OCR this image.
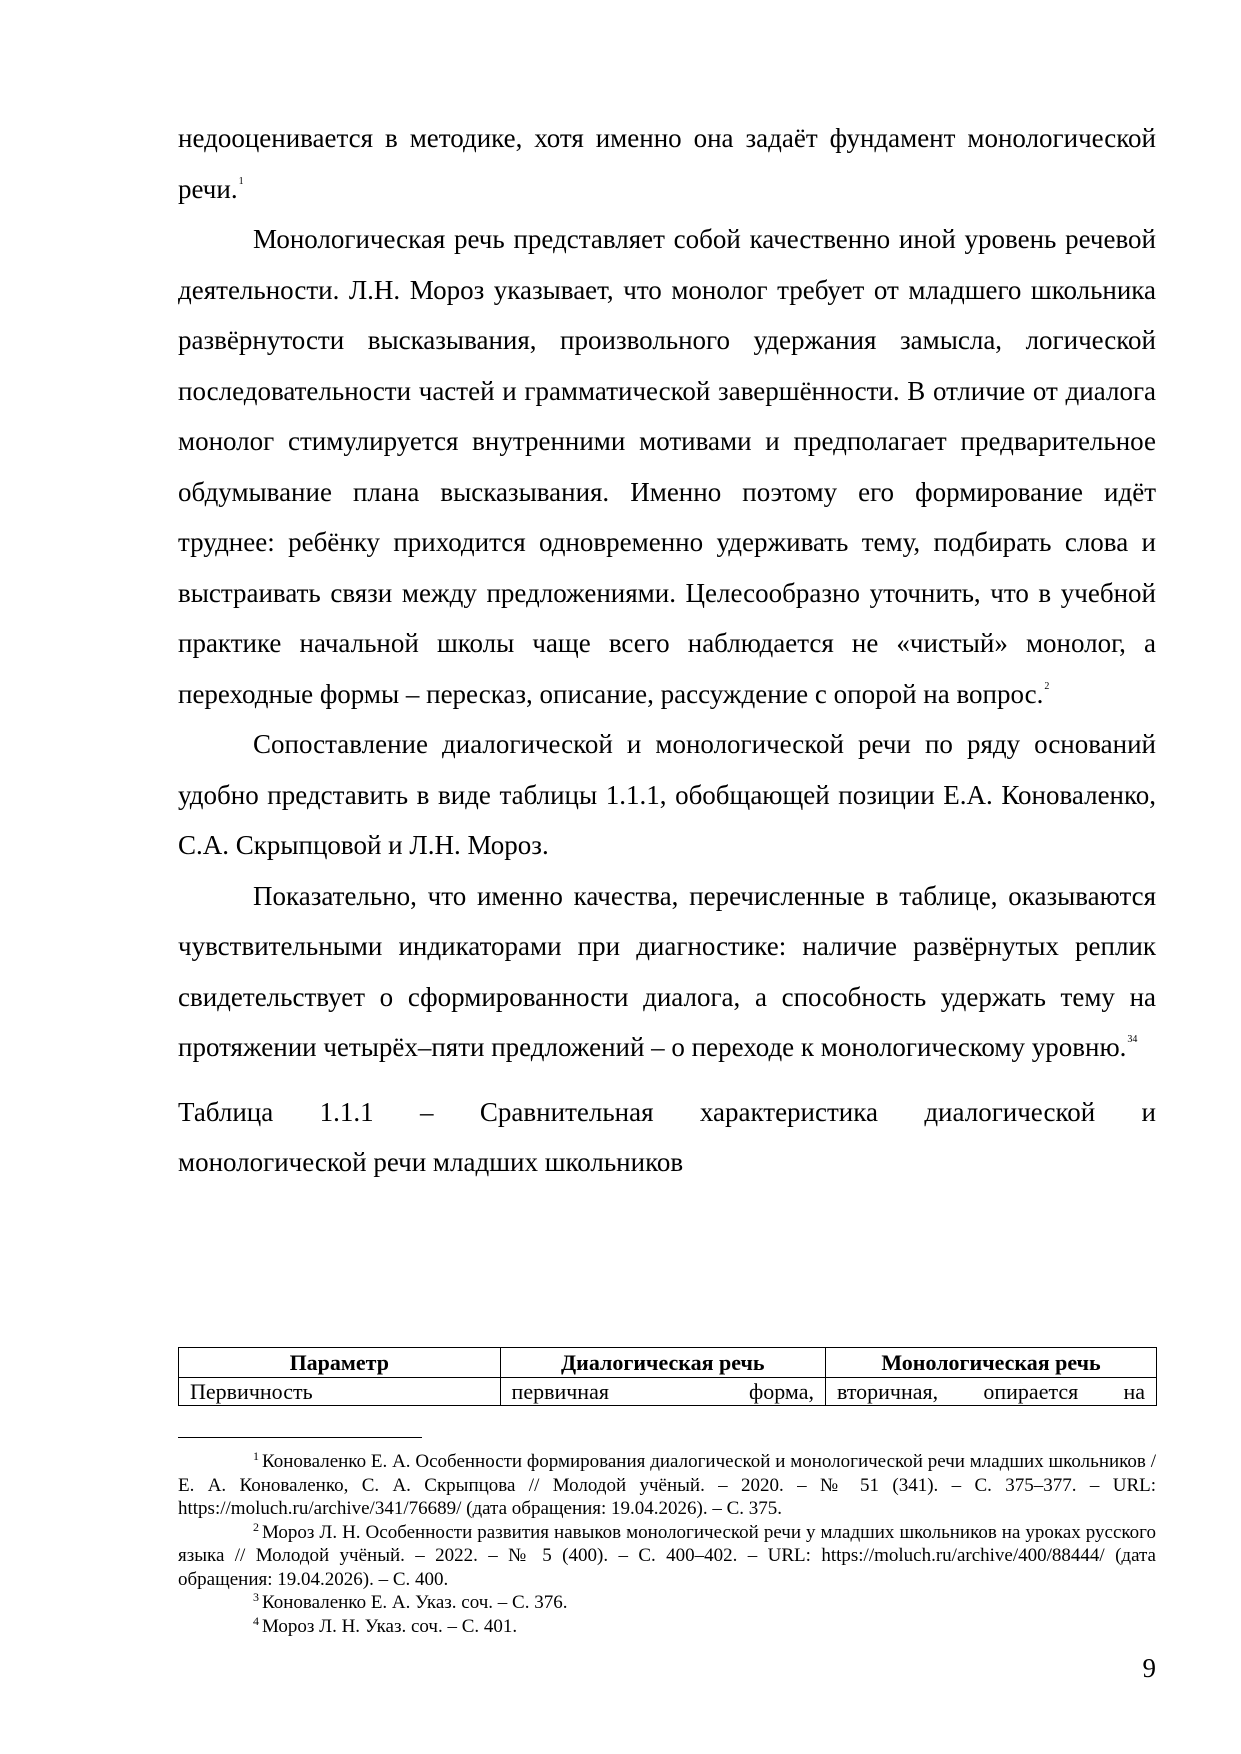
недооценивается в методике, хотя именно она задаёт фундамент монологической речи.$^1$

Монологическая речь представляет собой качественно иной уровень речевой деятельности. Л.Н. Мороз указывает, что монолог требует от младшего школьника развёрнутости высказывания, произвольного удержания замысла, логической последовательности частей и грамматической завершённости. В отличие от диалога монолог стимулируется внутренними мотивами и предполагает предварительное обдумывание плана высказывания. Именно поэтому его формирование идёт труднее: ребёнку приходится одновременно удерживать тему, подбирать слова и выстраивать связи между предложениями. Целесообразно уточнить, что в учебной практике начальной школы чаще всего наблюдается не «чистый» монолог, а переходные формы – пересказ, описание, рассуждение с опорой на вопрос.$^2$

Сопоставление диалогической и монологической речи по ряду оснований удобно представить в виде таблицы 1.1.1, обобщающей позиции Е.А. Коноваленко, С.А. Скрыпцовой и Л.Н. Мороз.

Показательно, что именно качества, перечисленные в таблице, оказываются чувствительными индикаторами при диагностике: наличие развёрнутых реплик свидетельствует о сформированности диалога, а способность удержать тему на протяжении четырёх–пяти предложений – о переходе к монологическому уровню.$^{34}$

Таблица 1.1.1 – Сравнительная характеристика диалогической и
монологической речи младших школьников

Параметр	Диалогическая речь	Монологическая речь
Первичность	первичная форма,	вторичная, опирается на

$^1$ Коноваленко Е. А. Особенности формирования диалогической и монологической речи младших школьников / Е. А. Коноваленко, С. А. Скрыпцова // Молодой учёный. – 2020. – № 51 (341). – С. 375–377. – URL: https://moluch.ru/archive/341/76689/ (дата обращения: 19.04.2026). – С. 375.

$^2$ Мороз Л. Н. Особенности развития навыков монологической речи у младших школьников на уроках русского языка // Молодой учёный. – 2022. – № 5 (400). – С. 400–402. – URL: https://moluch.ru/archive/400/88444/ (дата обращения: 19.04.2026). – С. 400.

$^3$ Коноваленко Е. А. Указ. соч. – С. 376.

$^4$ Мороз Л. Н. Указ. соч. – С. 401.

9
